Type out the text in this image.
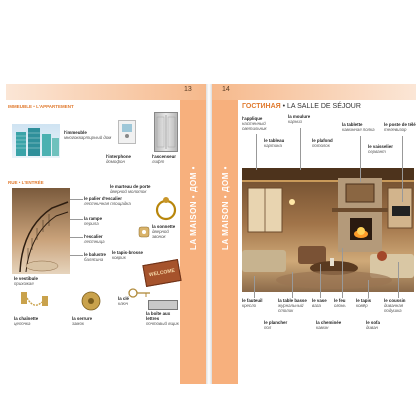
13
LA MAISON • ДОМ •
IMMEUBLE • L'APPARTEMENT
l'immeuble
многоквартирный дом
l'interphone
домофон
l'ascenseur
лифт
RUE • L'ENTRÉE
le palier d'escalier
лестничная площадка
la rampe
перила
l'escalier
лестница
le balustre
балясина
le vestibule
прихожая
le marteau de porte
дверной молоток
la sonnette
дверной звонок
le tapis-brosse
коврик
WELCOME
la clé
ключ
la boîte aux lettres
почтовый ящик
la chaînette
цепочка
la serrure
замок
14
LA MAISON • ДОМ •
ГОСТИНАЯ • LA SALLE DE SÉJOUR
l'applique
настенный светильник
la moulure
карниз
la tablette
каминная полка
le poste de télé
телевизор
le tableau
картина
le plafond
потолок	le vaisselier
сервант
le fauteuil
кресло
la table basse
журнальный столик
le vase
ваза
le feu
огонь
le tapis
ковёр
le coussin
диванная подушка
le plancher
пол
la cheminée
камин
le sofa
диван
